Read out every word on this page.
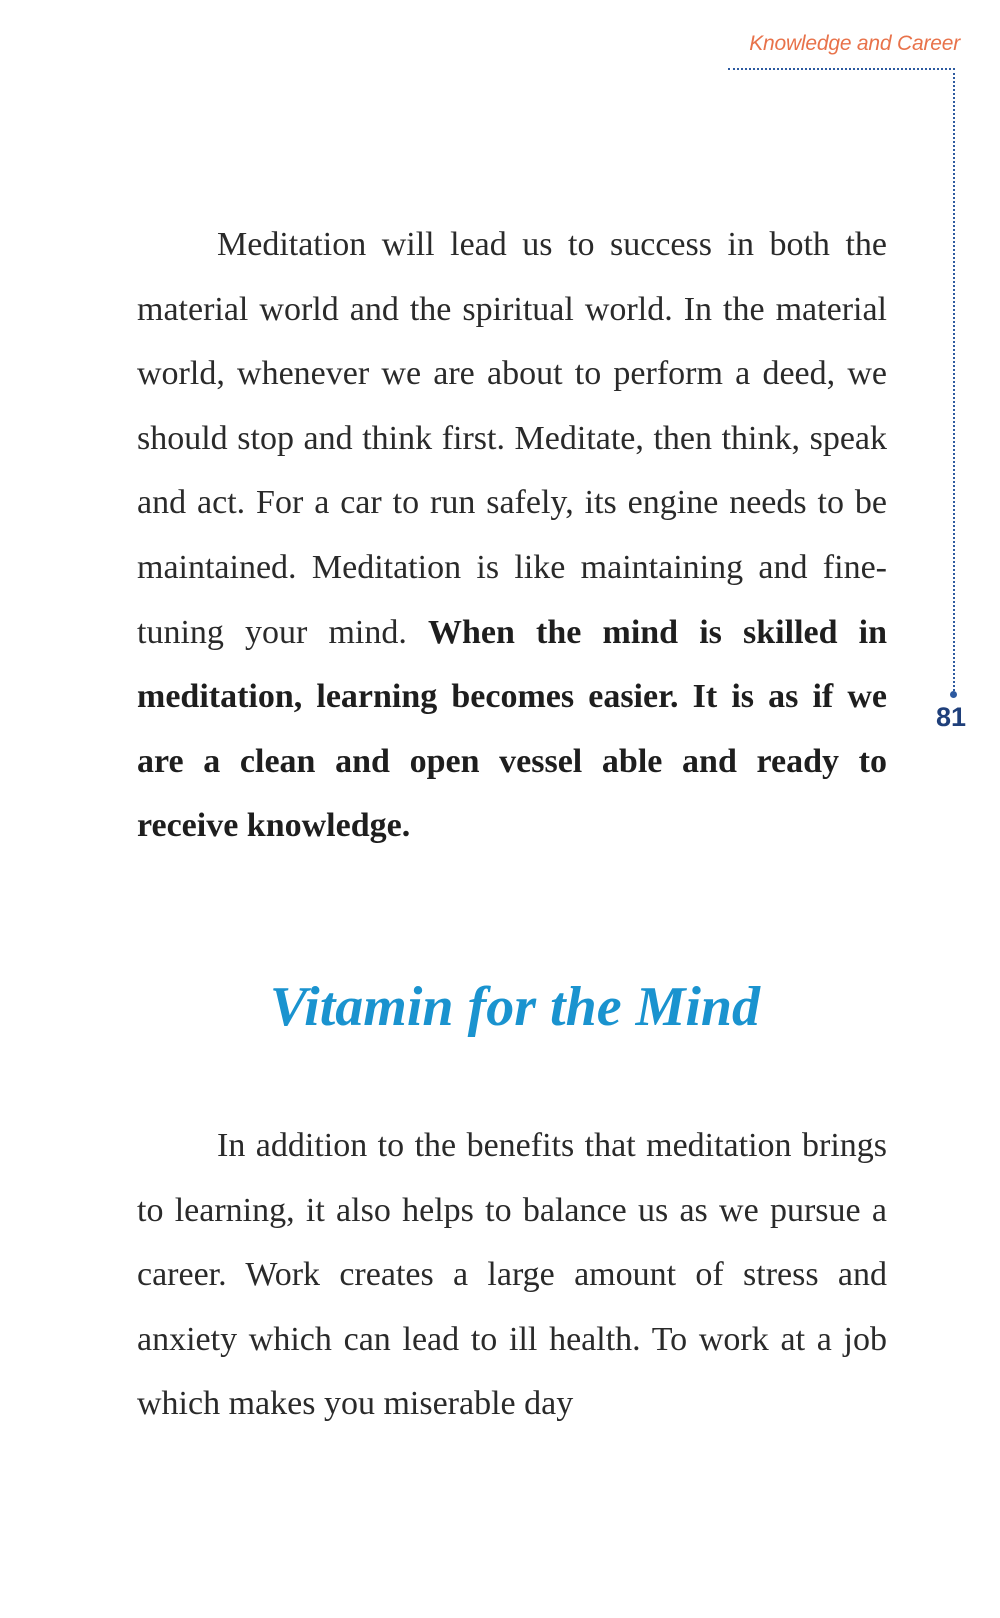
Knowledge and Career
81

Meditation will lead us to success in both the material world and the spiritual world. In the material world, whenever we are about to perform a deed, we should stop and think first. Meditate, then think, speak and act. For a car to run safely, its engine needs to be maintained. Meditation is like maintaining and fine-tuning your mind. When the mind is skilled in meditation, learning becomes easier. It is as if we are a clean and open vessel able and ready to receive knowledge.

Vitamin for the Mind

In addition to the benefits that meditation brings to learning, it also helps to balance us as we pursue a career. Work creates a large amount of stress and anxiety which can lead to ill health. To work at a job which makes you miserable day
